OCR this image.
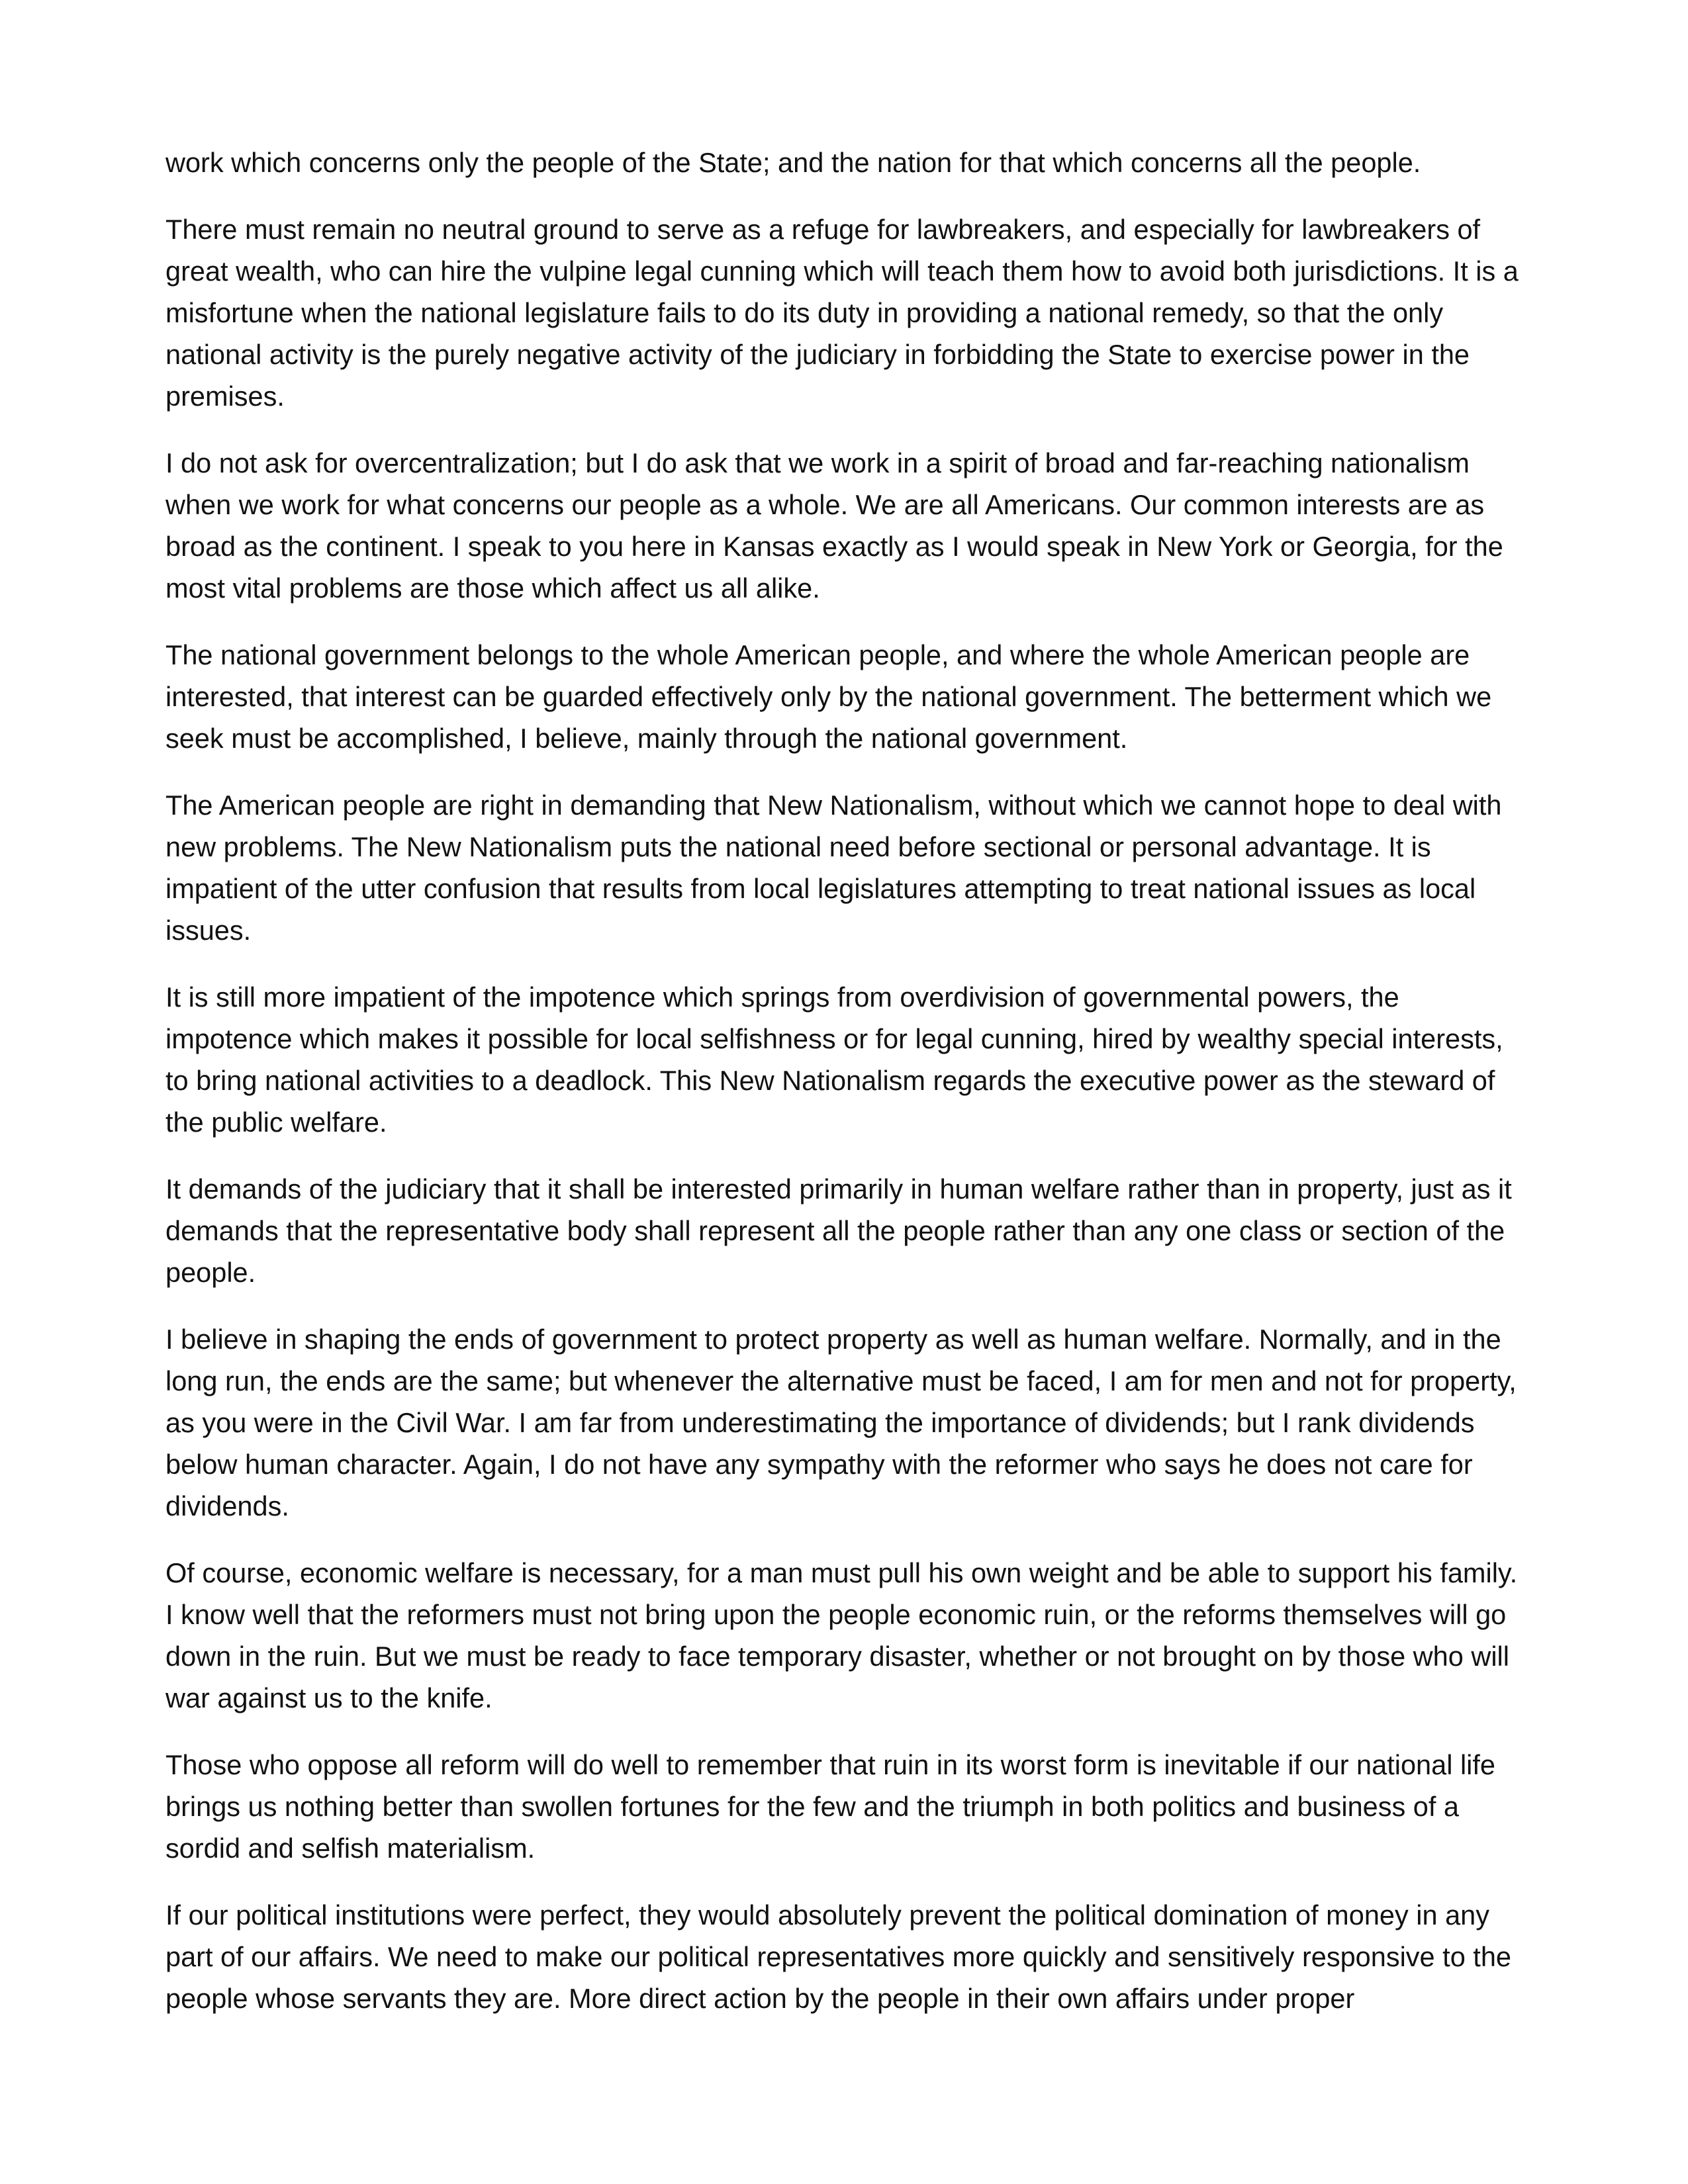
work which concerns only the people of the State; and the nation for that which concerns all the people.

There must remain no neutral ground to serve as a refuge for lawbreakers, and especially for lawbreakers of great wealth, who can hire the vulpine legal cunning which will teach them how to avoid both jurisdictions. It is a misfortune when the national legislature fails to do its duty in providing a national remedy, so that the only national activity is the purely negative activity of the judiciary in forbidding the State to exercise power in the premises.

I do not ask for overcentralization; but I do ask that we work in a spirit of broad and far-reaching nationalism when we work for what concerns our people as a whole. We are all Americans. Our common interests are as broad as the continent. I speak to you here in Kansas exactly as I would speak in New York or Georgia, for the most vital problems are those which affect us all alike.

The national government belongs to the whole American people, and where the whole American people are interested, that interest can be guarded effectively only by the national government. The betterment which we seek must be accomplished, I believe, mainly through the national government.

The American people are right in demanding that New Nationalism, without which we cannot hope to deal with new problems. The New Nationalism puts the national need before sectional or personal advantage. It is impatient of the utter confusion that results from local legislatures attempting to treat national issues as local issues.

It is still more impatient of the impotence which springs from overdivision of governmental powers, the impotence which makes it possible for local selfishness or for legal cunning, hired by wealthy special interests, to bring national activities to a deadlock. This New Nationalism regards the executive power as the steward of the public welfare.

It demands of the judiciary that it shall be interested primarily in human welfare rather than in property, just as it demands that the representative body shall represent all the people rather than any one class or section of the people.

I believe in shaping the ends of government to protect property as well as human welfare. Normally, and in the long run, the ends are the same; but whenever the alternative must be faced, I am for men and not for property, as you were in the Civil War. I am far from underestimating the importance of dividends; but I rank dividends below human character. Again, I do not have any sympathy with the reformer who says he does not care for dividends.

Of course, economic welfare is necessary, for a man must pull his own weight and be able to support his family. I know well that the reformers must not bring upon the people economic ruin, or the reforms themselves will go down in the ruin. But we must be ready to face temporary disaster, whether or not brought on by those who will war against us to the knife.

Those who oppose all reform will do well to remember that ruin in its worst form is inevitable if our national life brings us nothing better than swollen fortunes for the few and the triumph in both politics and business of a sordid and selfish materialism.

If our political institutions were perfect, they would absolutely prevent the political domination of money in any part of our affairs. We need to make our political representatives more quickly and sensitively responsive to the people whose servants they are. More direct action by the people in their own affairs under proper
